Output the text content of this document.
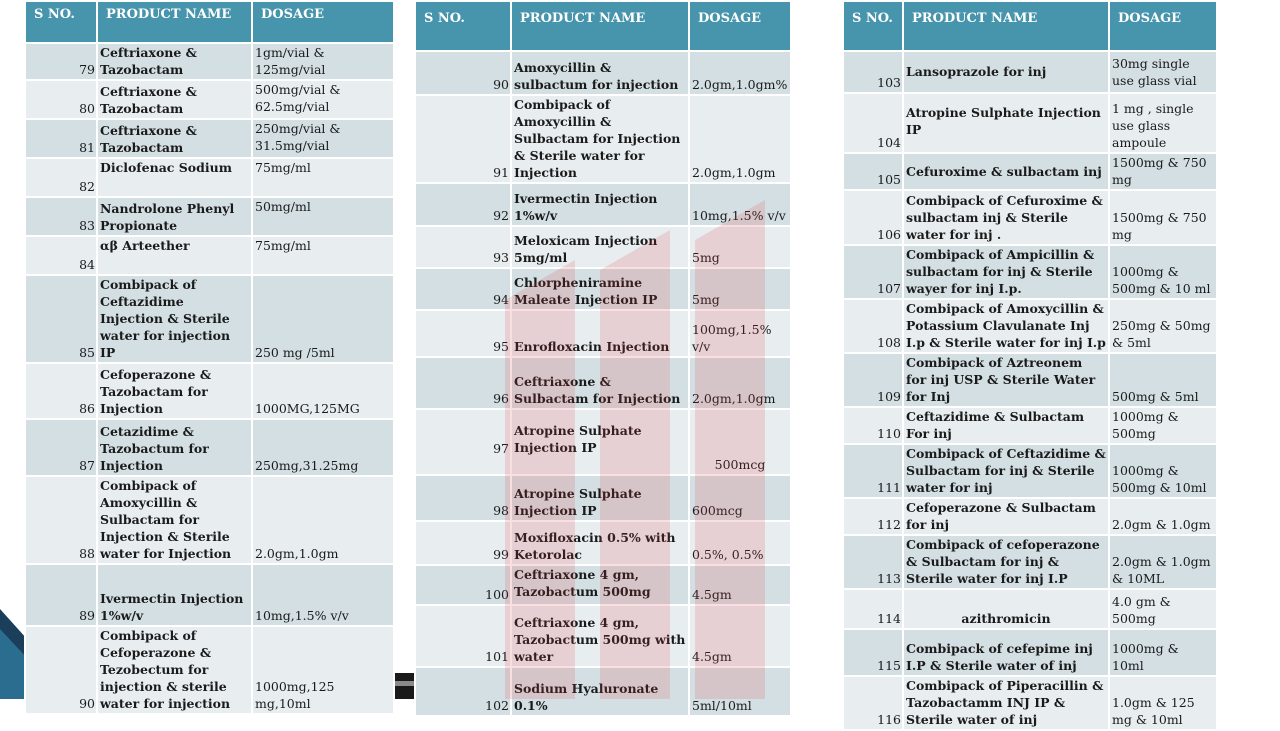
S NO.	PRODUCT NAME	DOSAGE
79	Ceftriaxone & Tazobactam	1gm/vial & 125mg/vial
80	Ceftriaxone & Tazobactam	500mg/vial & 62.5mg/vial
81	Ceftriaxone & Tazobactam	250mg/vial & 31.5mg/vial
82	Diclofenac Sodium	75mg/ml
83	Nandrolone Phenyl Propionate	50mg/ml
84	αβ Arteether	75mg/ml
85	Combipack of Ceftazidime Injection & Sterile water for injection IP	250 mg /5ml
86	Cefoperazone & Tazobactam for Injection	1000MG,125MG
87	Cetazidime & Tazobactum for Injection	250mg,31.25mg
88	Combipack of Amoxycillin & Sulbactam for Injection & Sterile water for Injection	2.0gm,1.0gm
89	Ivermectin Injection 1%w/v	10mg,1.5% v/v
90	Combipack of Cefoperazone & Tezobectum for injection & sterile water for injection	1000mg,125 mg,10ml
S NO.	PRODUCT NAME	DOSAGE
90	Amoxycillin & sulbactum for injection	2.0gm,1.0gm%
91	Combipack of Amoxycillin & Sulbactam for Injection & Sterile water for Injection	2.0gm,1.0gm
92	Ivermectin Injection 1%w/v	10mg,1.5% v/v
93	Meloxicam Injection 5mg/ml	5mg
94	Chlorpheniramine Maleate Injection IP	5mg
95	Enrofloxacin Injection	100mg,1.5% v/v
96	Ceftriaxone & Sulbactam for Injection	2.0gm,1.0gm
97	Atropine Sulphate Injection IP	500mcg
98	Atropine Sulphate Injection IP	600mcg
99	Moxifloxacin 0.5% with Ketorolac	0.5%, 0.5%
100	Ceftriaxone 4 gm, Tazobactum 500mg	4.5gm
101	Ceftriaxone 4 gm, Tazobactum 500mg with water	4.5gm
102	Sodium Hyaluronate 0.1%	5ml/10ml
S NO.	PRODUCT NAME	DOSAGE
103	Lansoprazole for inj	30mg single use glass vial
104	Atropine Sulphate Injection IP	1 mg , single use glass ampoule
105	Cefuroxime & sulbactam inj	1500mg & 750 mg
106	Combipack of Cefuroxime & sulbactam inj & Sterile water for inj .	1500mg & 750 mg
107	Combipack of Ampicillin & sulbactam for inj & Sterile wayer for inj I.p.	1000mg & 500mg & 10 ml
108	Combipack of Amoxycillin & Potassium Clavulanate Inj I.p & Sterile water for inj I.p	250mg & 50mg & 5ml
109	Combipack of Aztreonem for inj USP & Sterile Water for Inj	500mg & 5ml
110	Ceftazidime & Sulbactam For inj	1000mg & 500mg
111	Combipack of Ceftazidime & Sulbactam for inj & Sterile water for inj	1000mg & 500mg & 10ml
112	Cefoperazone & Sulbactam for inj	2.0gm & 1.0gm
113	Combipack of cefoperazone & Sulbactam for inj & Sterile water for inj I.P	2.0gm & 1.0gm & 10ML
114	azithromicin	4.0 gm & 500mg
115	Combipack of cefepime inj I.P & Sterile water of inj	1000mg & 10ml
116	Combipack of Piperacillin & Tazobactamm INJ IP & Sterile water of inj	1.0gm & 125 mg & 10ml
